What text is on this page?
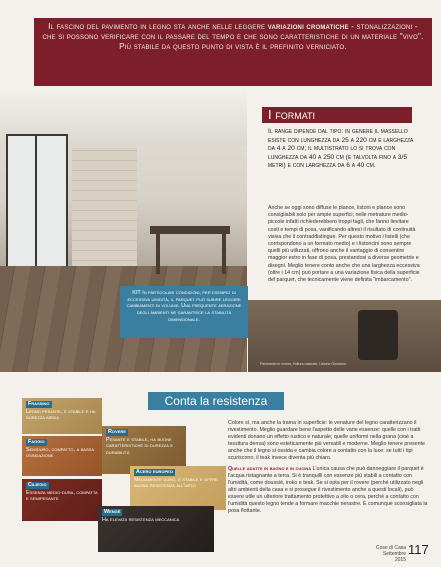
Il fascino del pavimento in legno sta anche nelle leggere variazioni cromatiche - stonalizzazioni - che si possono verificare con il passare del tempo e che sono caratteristiche di un materiale "vivo". Più stabile da questo punto di vista è il prefinito verniciato.
I formati
Il range dipende dal tipo: in genere il massello esiste con lunghezza da 25 a 220 cm e larghezza da 4 a 20 cm; il multistrato lo si trova con lunghezza da 40 a 250 cm (e talvolta fino a 3/5 metri) e con larghezza da 6 a 40 cm.
Anche se oggi sono diffuse le plance, listoni e plance sono consigliabili solo per ampie superfici; nelle metrature medio-piccole infatti richiederebbero troppi tagli, che fanno lievitare costi e tempi di posa, vanificando altresì il risultato di continuità visiva che il contraddistingue. Per questo motivo i listelli (che corrispondono a un formato medio) e i listoncini sono sempre quelli più utilizzati, offrono anche il vantaggio di consentire maggior estro in fase di posa, prestandosi a diverse geometrie e disegni. Meglio tenere conto anche che una larghezza eccessiva (oltre i 14 cm) può portare a una variazione fisica della superficie del parquet, che tecnicamente viene definita "imbarcamento".
Pavimento in rovere, finitura naturale, Listone Giordano
KIT In particolari condizioni, per esempio di eccessiva umidità, il parquet può subire leggeri cambiamenti di volume. Una frequente aerazione degli ambienti ne garantisce la stabilità dimensionale.
Conta la resistenza
Colore sì, ma anche la trama in superficie: le venature del legno caratterizzano il rivestimento. Meglio guardare bene l'aspetto delle varie essenze: quelle con i tratti evidenti donano un effetto rustico e naturale; quelle uniformi nella grana (cioè a tessitura densa) sono esteticamente più versatili e moderne. Meglio tenere presente anche che il legno si ossida e cambia colore a contatto con la luce: se tutti i tipi scuriscono, il teak invece diventa più chiaro.
Quelle adatte in bagno e in cucina L'unica causa che può danneggiare il parquet è l'acqua ristagnante a terra. Si è tranquilli con essenze più stabili a contatto con l'umidità, come doussié, iroko e teak. Se si opta per il rovere (perché utilizzato negli altri ambienti della casa e si prosegue il rivestimento anche a questi locali), può essere utile un ulteriore trattamento protettivo a olio o cera, perché a contatto con l'umidità questo legno tende a formare macchie nerastre. È comunque sconsigliata la posa flottante.
Frassino
Legno pesante, è stabile e ha durezza media
Faggio
Semiduro, compatto, a bassa ossidazione
Ciliegio
Essenza medio-dura, compatta e semipesante
Rovere
Pesante e stabile, ha buone caratteristiche di durezza e durabilità
Acero europeo
Mediamente duro, è stabile e offre buona resistenza all'urto
Wengé
Ha elevata resistenza meccanica
Cose di Casa
Settembre 2015
117
